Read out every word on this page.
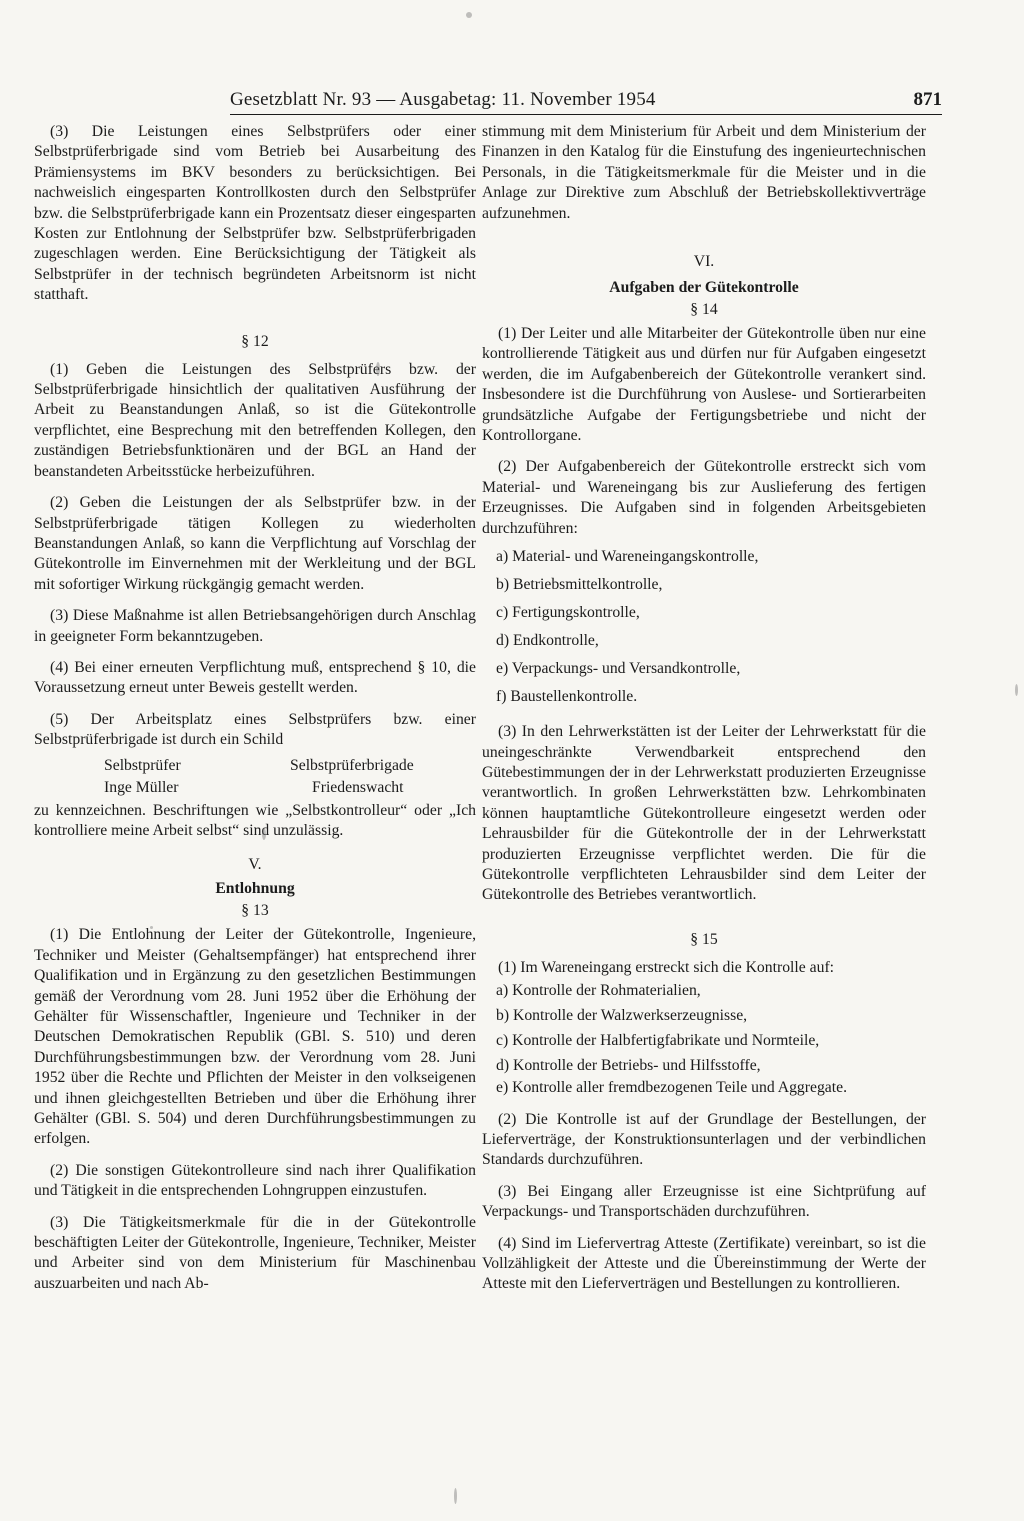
Gesetzblatt Nr. 93 — Ausgabetag: 11. November 1954	871

(3) Die Leistungen eines Selbstprüfers oder einer Selbstprüferbrigade sind vom Betrieb bei Ausarbeitung des Prämiensystems im BKV besonders zu berücksichtigen. Bei nachweislich eingesparten Kontrollkosten durch den Selbstprüfer bzw. die Selbstprüferbrigade kann ein Prozentsatz dieser eingesparten Kosten zur Entlohnung der Selbstprüfer bzw. Selbstprüferbrigaden zugeschlagen werden. Eine Berücksichtigung der Tätigkeit als Selbstprüfer in der technisch begründeten Arbeitsnorm ist nicht statthaft.

§ 12

(1) Geben die Leistungen des Selbstprüfers bzw. der Selbstprüferbrigade hinsichtlich der qualitativen Ausführung der Arbeit zu Beanstandungen Anlaß, so ist die Gütekontrolle verpflichtet, eine Besprechung mit den betreffenden Kollegen, den zuständigen Betriebsfunktionären und der BGL an Hand der beanstandeten Arbeitsstücke herbeizuführen.

(2) Geben die Leistungen der als Selbstprüfer bzw. in der Selbstprüferbrigade tätigen Kollegen zu wiederholten Beanstandungen Anlaß, so kann die Verpflichtung auf Vorschlag der Gütekontrolle im Einvernehmen mit der Werkleitung und der BGL mit sofortiger Wirkung rückgängig gemacht werden.

(3) Diese Maßnahme ist allen Betriebsangehörigen durch Anschlag in geeigneter Form bekanntzugeben.

(4) Bei einer erneuten Verpflichtung muß, entsprechend § 10, die Voraussetzung erneut unter Beweis gestellt werden.

(5) Der Arbeitsplatz eines Selbstprüfers bzw. einer Selbstprüferbrigade ist durch ein Schild

Selbstprüfer	Selbstprüferbrigade
Inge Müller	Friedenswacht

zu kennzeichnen. Beschriftungen wie „Selbstkontrolleur“ oder „Ich kontrolliere meine Arbeit selbst“ sind unzulässig.

V.

Entlohnung

§ 13

(1) Die Entlohnung der Leiter der Gütekontrolle, Ingenieure, Techniker und Meister (Gehaltsempfänger) hat entsprechend ihrer Qualifikation und in Ergänzung zu den gesetzlichen Bestimmungen gemäß der Verordnung vom 28. Juni 1952 über die Erhöhung der Gehälter für Wissenschaftler, Ingenieure und Techniker in der Deutschen Demokratischen Republik (GBl. S. 510) und deren Durchführungsbestimmungen bzw. der Verordnung vom 28. Juni 1952 über die Rechte und Pflichten der Meister in den volkseigenen und ihnen gleichgestellten Betrieben und über die Erhöhung ihrer Gehälter (GBl. S. 504) und deren Durchführungsbestimmungen zu erfolgen.

(2) Die sonstigen Gütekontrolleure sind nach ihrer Qualifikation und Tätigkeit in die entsprechenden Lohngruppen einzustufen.

(3) Die Tätigkeitsmerkmale für die in der Gütekontrolle beschäftigten Leiter der Gütekontrolle, Ingenieure, Techniker, Meister und Arbeiter sind von dem Ministerium für Maschinenbau auszuarbeiten und nach Ab-

stimmung mit dem Ministerium für Arbeit und dem Ministerium der Finanzen in den Katalog für die Einstufung des ingenieurtechnischen Personals, in die Tätigkeitsmerkmale für die Meister und in die Anlage zur Direktive zum Abschluß der Betriebskollektivverträge aufzunehmen.

VI.

Aufgaben der Gütekontrolle

§ 14

(1) Der Leiter und alle Mitarbeiter der Gütekontrolle üben nur eine kontrollierende Tätigkeit aus und dürfen nur für Aufgaben eingesetzt werden, die im Aufgabenbereich der Gütekontrolle verankert sind. Insbesondere ist die Durchführung von Auslese- und Sortierarbeiten grundsätzliche Aufgabe der Fertigungsbetriebe und nicht der Kontrollorgane.

(2) Der Aufgabenbereich der Gütekontrolle erstreckt sich vom Material- und Wareneingang bis zur Auslieferung des fertigen Erzeugnisses. Die Aufgaben sind in folgenden Arbeitsgebieten durchzuführen:

a) Material- und Wareneingangskontrolle,

b) Betriebsmittelkontrolle,

c) Fertigungskontrolle,

d) Endkontrolle,

e) Verpackungs- und Versandkontrolle,

f) Baustellenkontrolle.

(3) In den Lehrwerkstätten ist der Leiter der Lehrwerkstatt für die uneingeschränkte Verwendbarkeit entsprechend den Gütebestimmungen der in der Lehrwerkstatt produzierten Erzeugnisse verantwortlich. In großen Lehrwerkstätten bzw. Lehrkombinaten können hauptamtliche Gütekontrolleure eingesetzt werden oder Lehrausbilder für die Gütekontrolle der in der Lehrwerkstatt produzierten Erzeugnisse verpflichtet werden. Die für die Gütekontrolle verpflichteten Lehrausbilder sind dem Leiter der Gütekontrolle des Betriebes verantwortlich.

§ 15

(1) Im Wareneingang erstreckt sich die Kontrolle auf:

a) Kontrolle der Rohmaterialien,

b) Kontrolle der Walzwerkserzeugnisse,

c) Kontrolle der Halbfertigfabrikate und Normteile,

d) Kontrolle der Betriebs- und Hilfsstoffe,

e) Kontrolle aller fremdbezogenen Teile und Aggregate.

(2) Die Kontrolle ist auf der Grundlage der Bestellungen, der Lieferverträge, der Konstruktionsunterlagen und der verbindlichen Standards durchzuführen.

(3) Bei Eingang aller Erzeugnisse ist eine Sichtprüfung auf Verpackungs- und Transportschäden durchzuführen.

(4) Sind im Liefervertrag Atteste (Zertifikate) vereinbart, so ist die Vollzähligkeit der Atteste und die Übereinstimmung der Werte der Atteste mit den Lieferverträgen und Bestellungen zu kontrollieren.
